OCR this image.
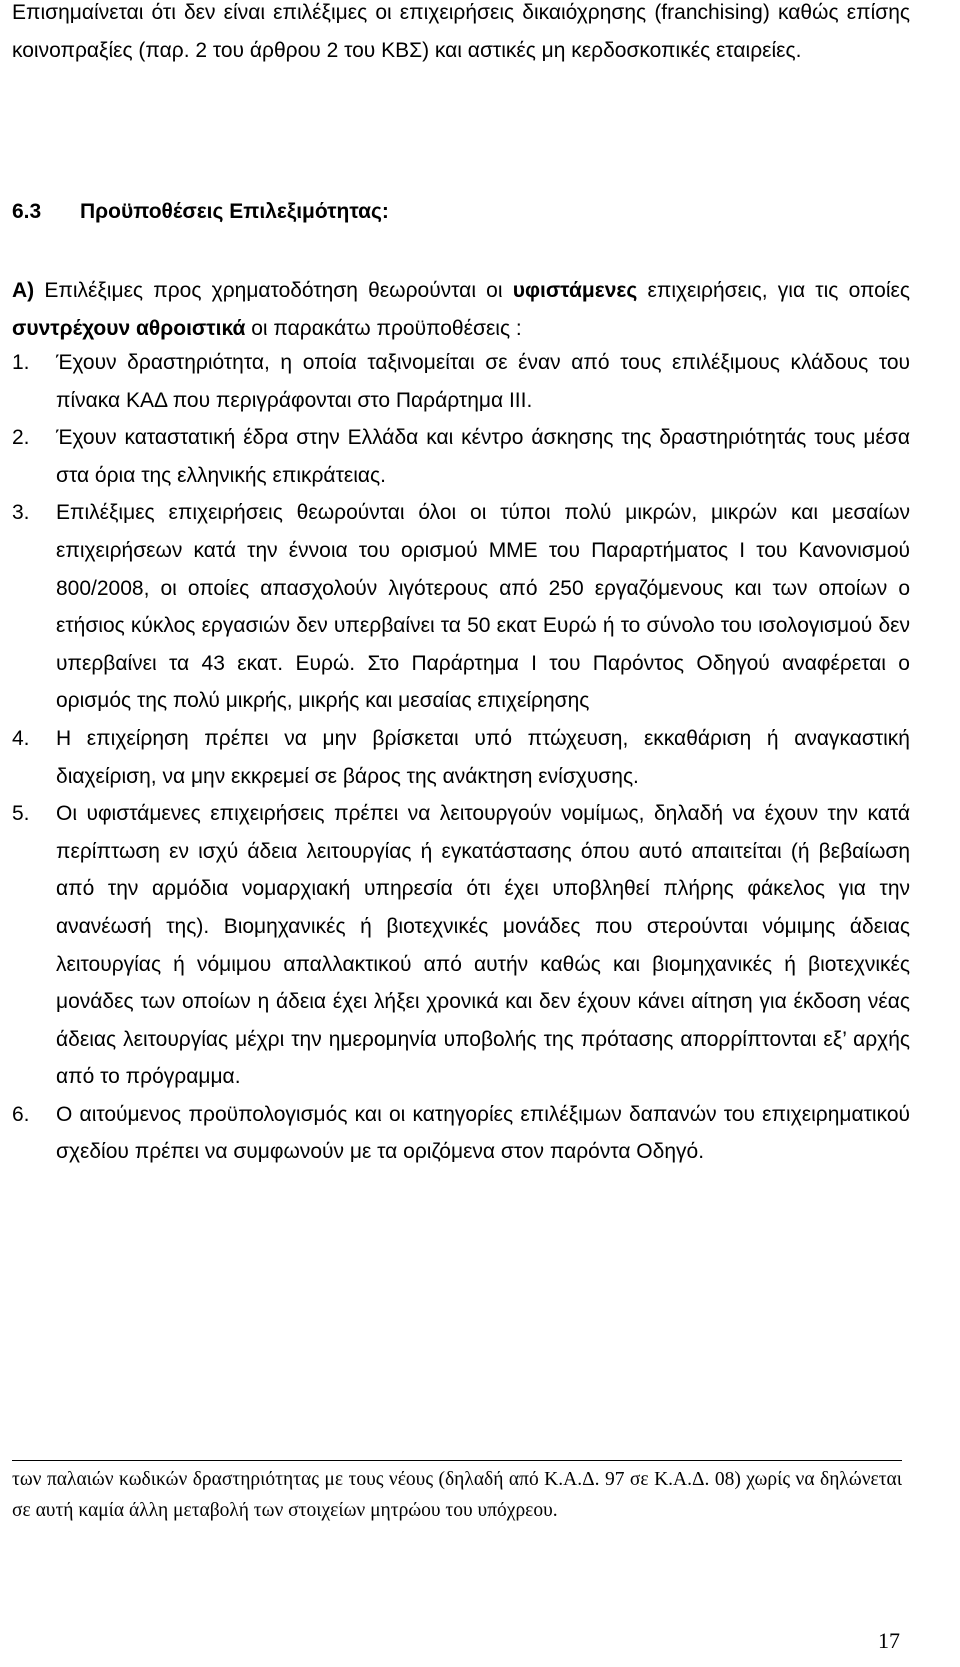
Επισημαίνεται ότι δεν είναι επιλέξιμες οι επιχειρήσεις δικαιόχρησης (franchising) καθώς επίσης κοινοπραξίες (παρ. 2 του άρθρου 2 του ΚΒΣ) και αστικές μη κερδοσκοπικές εταιρείες.

6.3 Προϋποθέσεις Επιλεξιμότητας:

Α) Επιλέξιμες προς χρηματοδότηση θεωρούνται οι υφιστάμενες επιχειρήσεις, για τις οποίες συντρέχουν αθροιστικά οι παρακάτω προϋποθέσεις :

1. Έχουν δραστηριότητα, η οποία ταξινομείται σε έναν από τους επιλέξιμους κλάδους του πίνακα ΚΑΔ που περιγράφονται στο Παράρτημα ΙΙΙ.

2. Έχουν καταστατική έδρα στην Ελλάδα και κέντρο άσκησης της δραστηριότητάς τους μέσα στα όρια της ελληνικής επικράτειας.

3. Επιλέξιμες επιχειρήσεις θεωρούνται όλοι οι τύποι πολύ μικρών, μικρών και μεσαίων επιχειρήσεων κατά την έννοια του ορισμού ΜΜΕ του Παραρτήματος Ι του Κανονισμού 800/2008, οι οποίες απασχολούν λιγότερους από 250 εργαζόμενους και των οποίων ο ετήσιος κύκλος εργασιών δεν υπερβαίνει τα 50 εκατ Ευρώ ή το σύνολο του ισολογισμού δεν υπερβαίνει τα 43 εκατ. Ευρώ. Στο Παράρτημα Ι του Παρόντος Οδηγού αναφέρεται ο ορισμός της πολύ μικρής, μικρής και μεσαίας επιχείρησης

4. Η επιχείρηση πρέπει να μην βρίσκεται υπό πτώχευση, εκκαθάριση ή αναγκαστική διαχείριση, να μην εκκρεμεί σε βάρος της ανάκτηση ενίσχυσης.

5. Οι υφιστάμενες επιχειρήσεις πρέπει να λειτουργούν νομίμως, δηλαδή να έχουν την κατά περίπτωση εν ισχύ άδεια λειτουργίας ή εγκατάστασης όπου αυτό απαιτείται (ή βεβαίωση από την αρμόδια νομαρχιακή υπηρεσία ότι έχει υποβληθεί πλήρης φάκελος για την ανανέωσή της). Βιομηχανικές ή βιοτεχνικές μονάδες που στερούνται νόμιμης άδειας λειτουργίας ή νόμιμου απαλλακτικού από αυτήν καθώς και βιομηχανικές ή βιοτεχνικές μονάδες των οποίων η άδεια έχει λήξει χρονικά και δεν έχουν κάνει αίτηση για έκδοση νέας άδειας λειτουργίας μέχρι την ημερομηνία υποβολής της πρότασης απορρίπτονται εξ’ αρχής από το πρόγραμμα.

6. Ο αιτούμενος προϋπολογισμός και οι κατηγορίες επιλέξιμων δαπανών του επιχειρηματικού σχεδίου πρέπει να συμφωνούν με τα οριζόμενα στον παρόντα Οδηγό.

των παλαιών κωδικών δραστηριότητας με τους νέους (δηλαδή από Κ.Α.Δ. 97 σε Κ.Α.Δ. 08) χωρίς να δηλώνεται σε αυτή καμία άλλη μεταβολή των στοιχείων μητρώου του υπόχρεου.

17
